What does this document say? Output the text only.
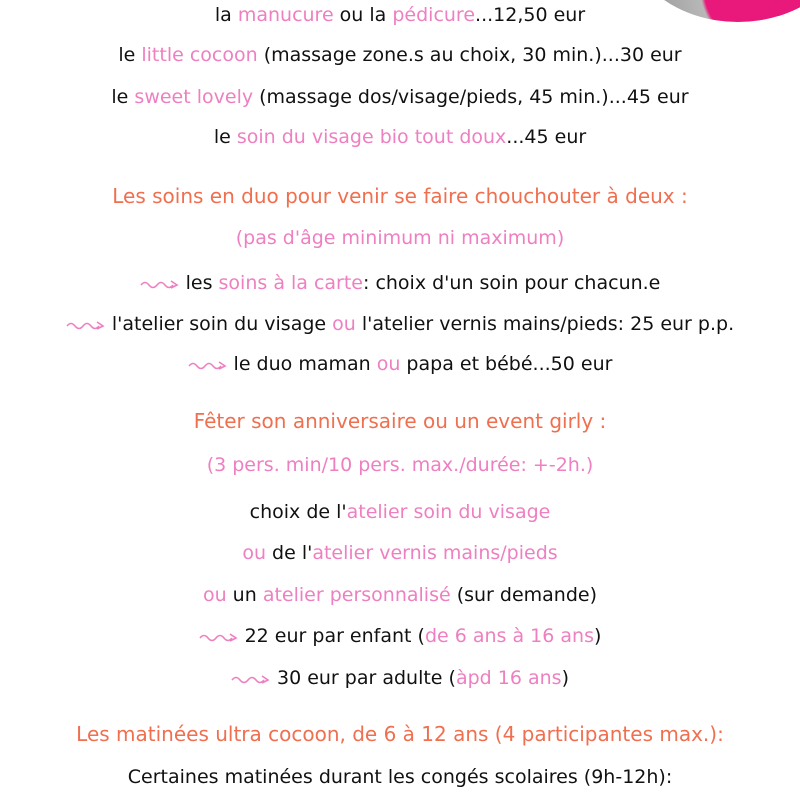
la manucure ou la pédicure...12,50 eur
le little cocoon (massage zone.s au choix, 30 min.)...30 eur
le sweet lovely (massage dos/visage/pieds, 45 min.)...45 eur
le soin du visage bio tout doux...45 eur
Les soins en duo pour venir se faire chouchouter à deux :
(pas d'âge minimum ni maximum)
les soins à la carte: choix d'un soin pour chacun.e
l'atelier soin du visage ou l'atelier vernis mains/pieds: 25 eur p.p.
le duo maman ou papa et bébé...50 eur
Fêter son anniversaire ou un event girly :
(3 pers. min/10 pers. max./durée: +-2h.)
choix de l'atelier soin du visage
ou de l'atelier vernis mains/pieds
ou un atelier personnalisé (sur demande)
22 eur par enfant (de 6 ans à 16 ans)
30 eur par adulte (àpd 16 ans)
Les matinées ultra cocoon, de 6 à 12 ans (4 participantes max.):
Certaines matinées durant les congés scolaires (9h-12h):
